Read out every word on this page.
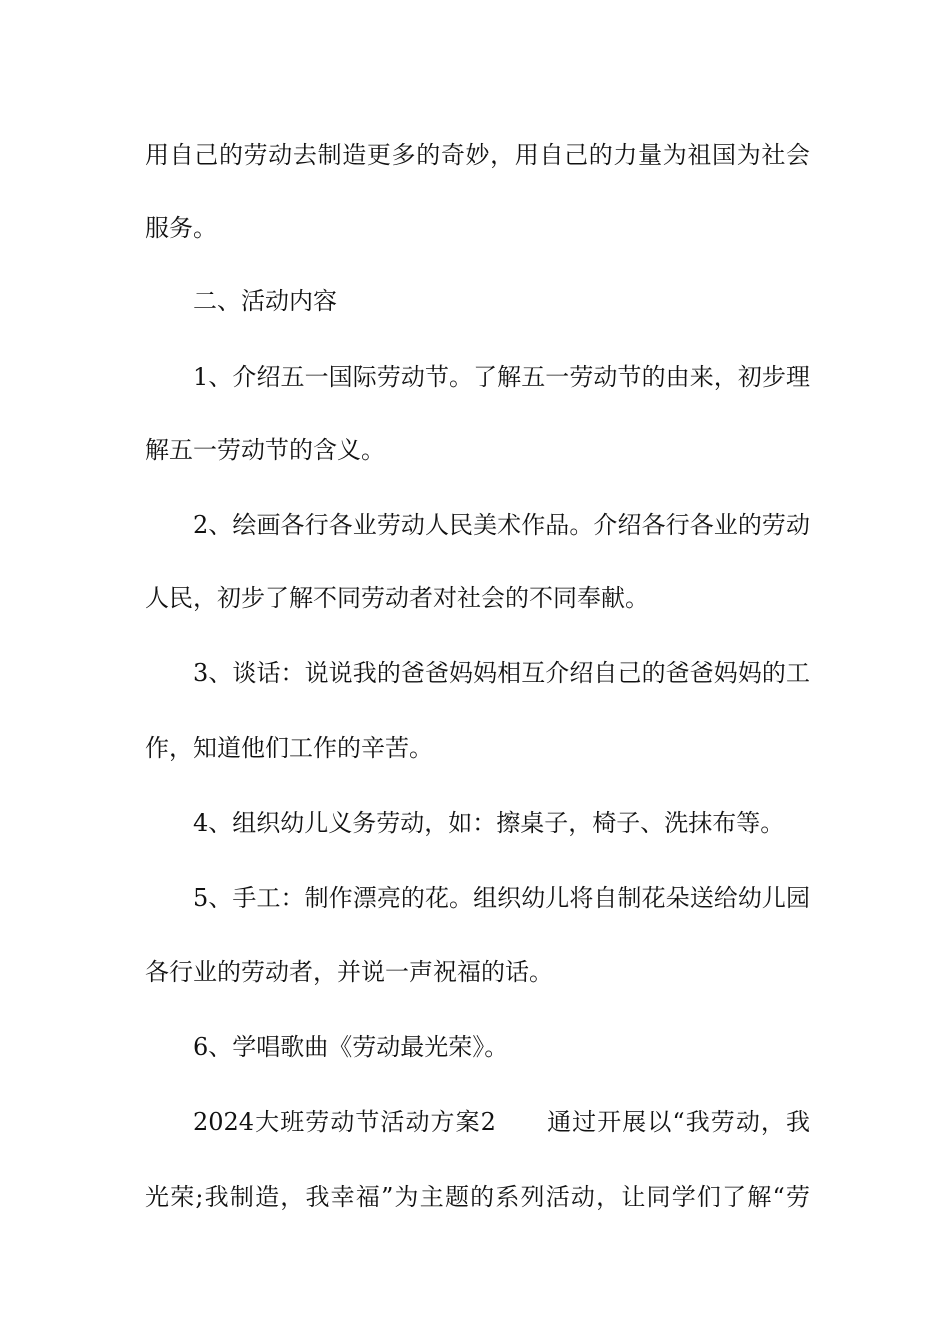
用自己的劳动去制造更多的奇妙，用自己的力量为祖国为社会
服务。
二、活动内容
1、介绍五一国际劳动节。了解五一劳动节的由来，初步理
解五一劳动节的含义。
2、绘画各行各业劳动人民美术作品。介绍各行各业的劳动
人民，初步了解不同劳动者对社会的不同奉献。
3、谈话：说说我的爸爸妈妈相互介绍自己的爸爸妈妈的工
作，知道他们工作的辛苦。
4、组织幼儿义务劳动，如：擦桌子，椅子、洗抹布等。
5、手工：制作漂亮的花。组织幼儿将自制花朵送给幼儿园
各行业的劳动者，并说一声祝福的话。
6、学唱歌曲《劳动最光荣》。
2024大班劳动节活动方案2　　通过开展以“我劳动，我
光荣;我制造，我幸福”为主题的系列活动，让同学们了解“劳
